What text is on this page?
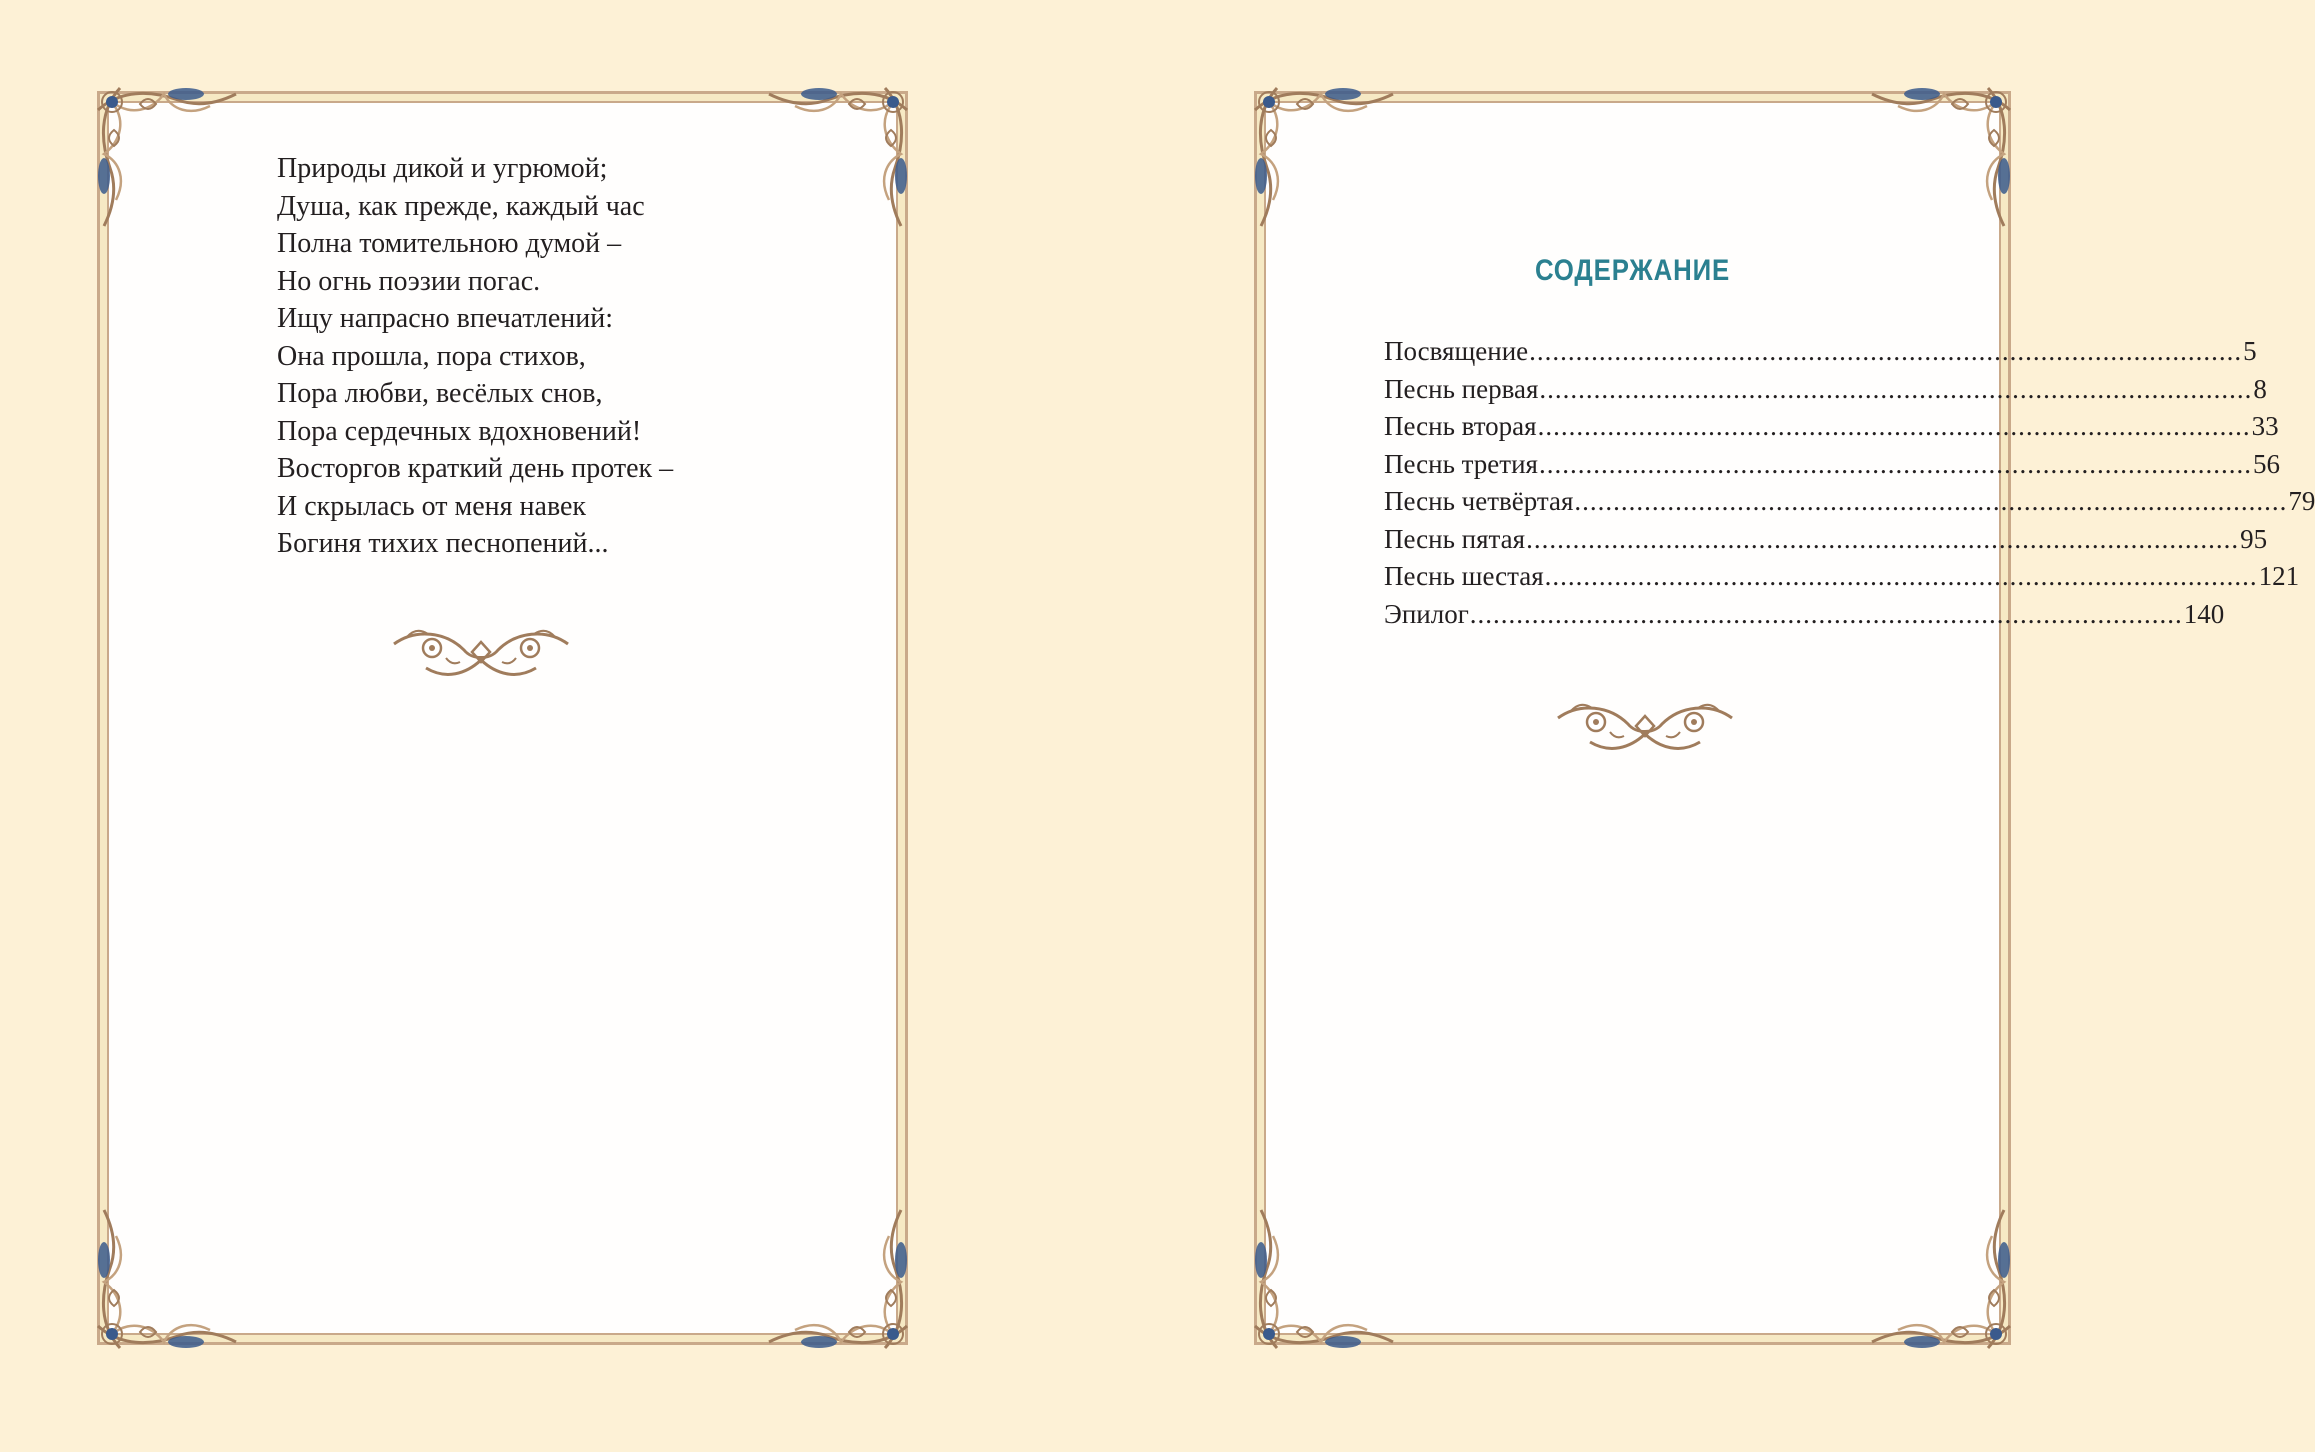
Природы дикой и угрюмой;
Душа, как прежде, каждый час
Полна томительною думой –
Но огнь поэзии погас.
Ищу напрасно впечатлений:
Она прошла, пора стихов,
Пора любви, весёлых снов,
Пора сердечных вдохновений!
Восторгов краткий день протек –
И скрылась от меня навек
Богиня тихих песнопений...
СОДЕРЖАНИЕ
Посвящение ............................................................................................ 5
Песнь первая ............................................................................................ 8
Песнь вторая ............................................................................................ 33
Песнь третия ............................................................................................ 56
Песнь четвёртая ............................................................................................ 79
Песнь пятая ............................................................................................ 95
Песнь шестая ............................................................................................ 121
Эпилог ............................................................................................ 140
